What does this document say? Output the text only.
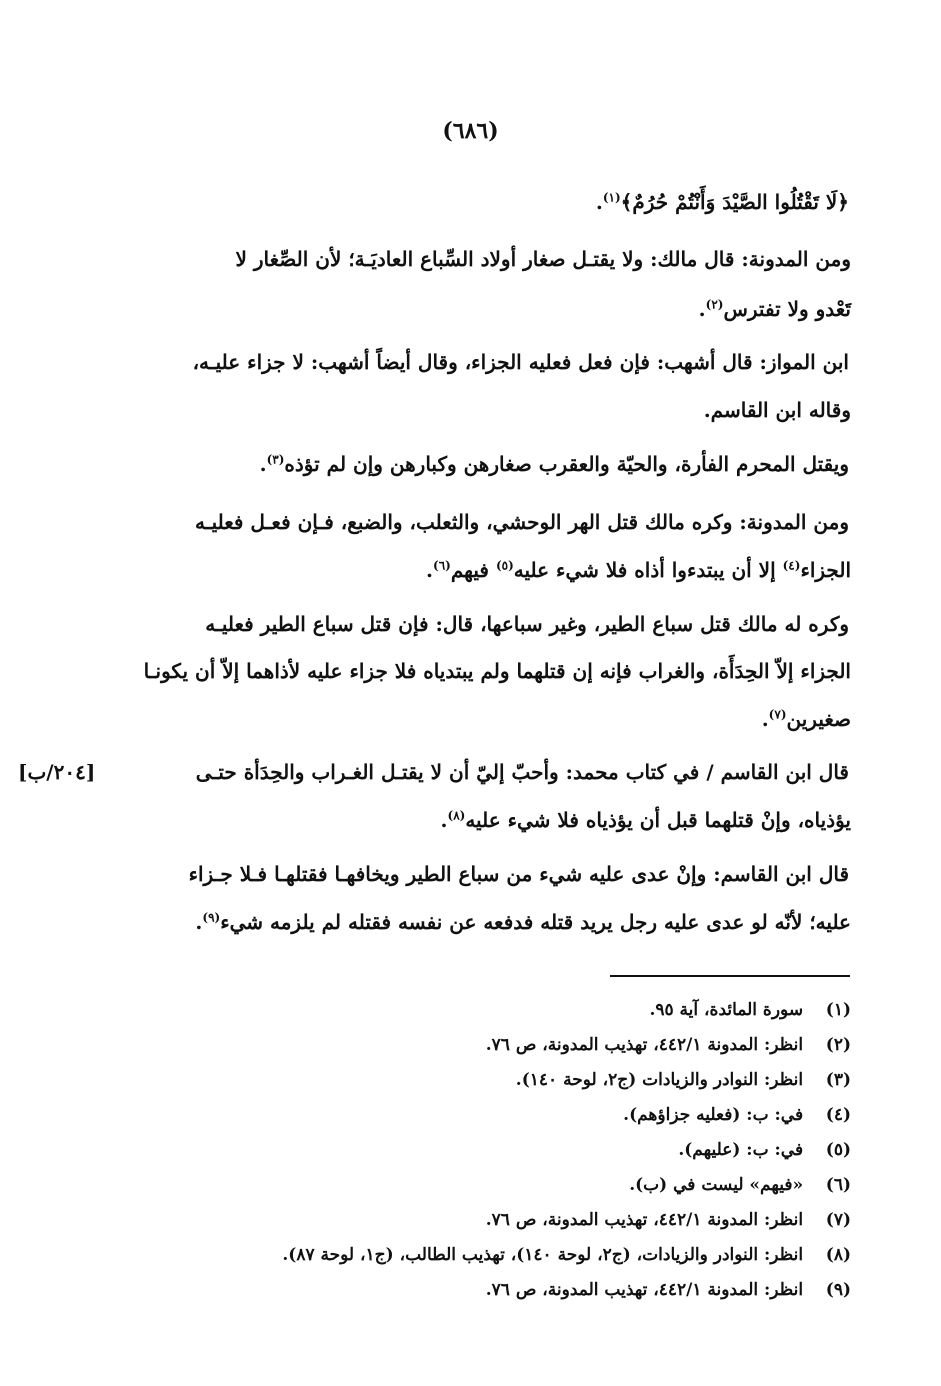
(٦٨٦)
﴿لَا تَقْتُلُوا الصَّيْدَ وَأَنْتُمْ حُرُمٌ﴾$^{(١)}$.
ومن المدونة: قال مالك: ولا يقتـل صغار أولاد السِّباع العاديَـة؛ لأن الصِّغار لا
تَعْدو ولا تفترس$^{(٢)}$.
ابن المواز: قال أشهب: فإن فعل فعليه الجزاء، وقال أيضاً أشهب: لا جزاء عليـه،
وقاله ابن القاسم.
ويقتل المحرم الفأرة، والحيّة والعقرب صغارهن وكبارهن وإن لم تؤذه$^{(٣)}$.
ومن المدونة: وكره مالك قتل الهر الوحشي، والثعلب، والضبع، فـإن فعـل فعليـه
الجزاء$^{(٤)}$ إلا أن يبتدءوا أذاه فلا شيء عليه$^{(٥)}$ فيهم$^{(٦)}$.
وكره له مالك قتل سباع الطير، وغير سباعها، قال: فإن قتل سباع الطير فعليـه
الجزاء إلاّ الحِدَأَة، والغراب فإنه إن قتلهما ولم يبتدياه فلا جزاء عليه لأذاهما إلاّ أن يكونـا
صغيرين$^{(٧)}$.
قال ابن القاسم / في كتاب محمد: وأحبّ إليّ أن لا يقتـل الغـراب والحِدَأة حتـى
يؤذياه، وإنْ قتلهما قبل أن يؤذياه فلا شيء عليه$^{(٨)}$.
[٢٠٤/ب]
قال ابن القاسم: وإنْ عدى عليه شيء من سباع الطير ويخافهـا فقتلهـا فـلا جـزاء
عليه؛ لأنّه لو عدى عليه رجل يريد قتله فدفعه عن نفسه فقتله لم يلزمه شيء$^{(٩)}$.
(١) سورة المائدة، آية ٩٥.
(٢) انظر: المدونة ٤٤٢/١، تهذيب المدونة، ص ٧٦.
(٣) انظر: النوادر والزيادات (ج٢، لوحة ١٤٠).
(٤) في: ب: (فعليه جزاؤهم).
(٥) في: ب: (عليهم).
(٦) «فيهم» ليست في (ب).
(٧) انظر: المدونة ٤٤٢/١، تهذيب المدونة، ص ٧٦.
(٨) انظر: النوادر والزيادات، (ج٢، لوحة ١٤٠)، تهذيب الطالب، (ج١، لوحة ٨٧).
(٩) انظر: المدونة ٤٤٢/١، تهذيب المدونة، ص ٧٦.
